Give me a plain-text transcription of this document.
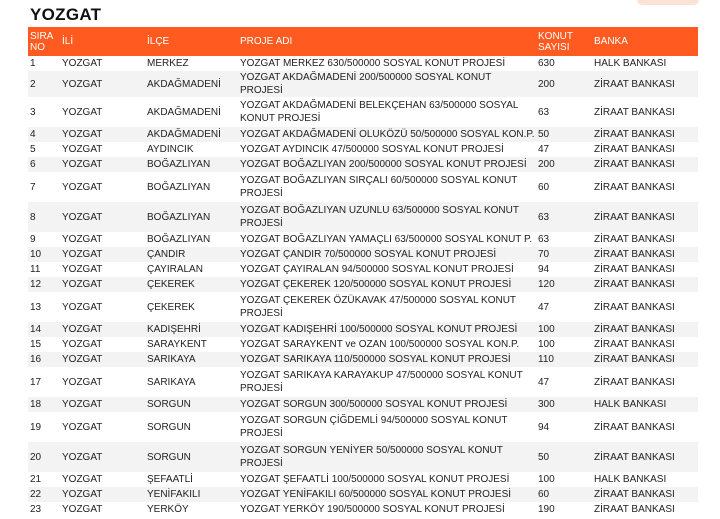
YOZGAT
SIRA NO	İLİ	İLÇE	PROJE ADI	KONUT SAYISI	BANKA
1	YOZGAT	MERKEZ	YOZGAT MERKEZ 630/500000 SOSYAL KONUT PROJESİ	630	HALK BANKASI
2	YOZGAT	AKDAĞMADENİ	YOZGAT AKDAĞMADENİ 200/500000 SOSYAL KONUT PROJESİ	200	ZİRAAT BANKASI
3	YOZGAT	AKDAĞMADENİ	YOZGAT AKDAĞMADENİ BELEKÇEHAN 63/500000 SOSYAL KONUT PROJESİ	63	ZİRAAT BANKASI
4	YOZGAT	AKDAĞMADENİ	YOZGAT AKDAĞMADENİ OLUKÖZÜ 50/500000 SOSYAL KON.P.	50	ZİRAAT BANKASI
5	YOZGAT	AYDINCIK	YOZGAT AYDINCIK 47/500000 SOSYAL KONUT PROJESİ	47	ZİRAAT BANKASI
6	YOZGAT	BOĞAZLIYAN	YOZGAT BOĞAZLIYAN 200/500000 SOSYAL KONUT PROJESİ	200	ZİRAAT BANKASI
7	YOZGAT	BOĞAZLIYAN	YOZGAT BOĞAZLIYAN SIRÇALI 60/500000 SOSYAL KONUT PROJESİ	60	ZİRAAT BANKASI
8	YOZGAT	BOĞAZLIYAN	YOZGAT BOĞAZLIYAN UZUNLU 63/500000 SOSYAL KONUT PROJESİ	63	ZİRAAT BANKASI
9	YOZGAT	BOĞAZLIYAN	YOZGAT BOĞAZLIYAN YAMAÇLI 63/500000 SOSYAL KONUT P.	63	ZİRAAT BANKASI
10	YOZGAT	ÇANDIR	YOZGAT ÇANDIR 70/500000 SOSYAL KONUT PROJESİ	70	ZİRAAT BANKASI
11	YOZGAT	ÇAYIRALAN	YOZGAT ÇAYIRALAN 94/500000 SOSYAL KONUT PROJESİ	94	ZİRAAT BANKASI
12	YOZGAT	ÇEKEREK	YOZGAT ÇEKEREK 120/500000 SOSYAL KONUT PROJESİ	120	ZİRAAT BANKASI
13	YOZGAT	ÇEKEREK	YOZGAT ÇEKEREK ÖZÜKAVAK 47/500000 SOSYAL KONUT PROJESİ	47	ZİRAAT BANKASI
14	YOZGAT	KADIŞEHRİ	YOZGAT KADIŞEHRİ 100/500000 SOSYAL KONUT PROJESİ	100	ZİRAAT BANKASI
15	YOZGAT	SARAYKENT	YOZGAT SARAYKENT ve OZAN 100/500000 SOSYAL KON.P.	100	ZİRAAT BANKASI
16	YOZGAT	SARIKAYA	YOZGAT SARIKAYA 110/500000 SOSYAL KONUT PROJESİ	110	ZİRAAT BANKASI
17	YOZGAT	SARIKAYA	YOZGAT SARIKAYA KARAYAKUP 47/500000 SOSYAL KONUT PROJESİ	47	ZİRAAT BANKASI
18	YOZGAT	SORGUN	YOZGAT SORGUN 300/500000 SOSYAL KONUT PROJESİ	300	HALK BANKASI
19	YOZGAT	SORGUN	YOZGAT SORGUN ÇİĞDEMLİ 94/500000 SOSYAL KONUT PROJESİ	94	ZİRAAT BANKASI
20	YOZGAT	SORGUN	YOZGAT SORGUN YENİYER 50/500000 SOSYAL KONUT PROJESİ	50	ZİRAAT BANKASI
21	YOZGAT	ŞEFAATLİ	YOZGAT ŞEFAATLİ 100/500000 SOSYAL KONUT PROJESİ	100	HALK BANKASI
22	YOZGAT	YENİFAKILI	YOZGAT YENİFAKILI 60/500000 SOSYAL KONUT PROJESİ	60	ZİRAAT BANKASI
23	YOZGAT	YERKÖY	YOZGAT YERKÖY 190/500000 SOSYAL KONUT PROJESİ	190	ZİRAAT BANKASI
